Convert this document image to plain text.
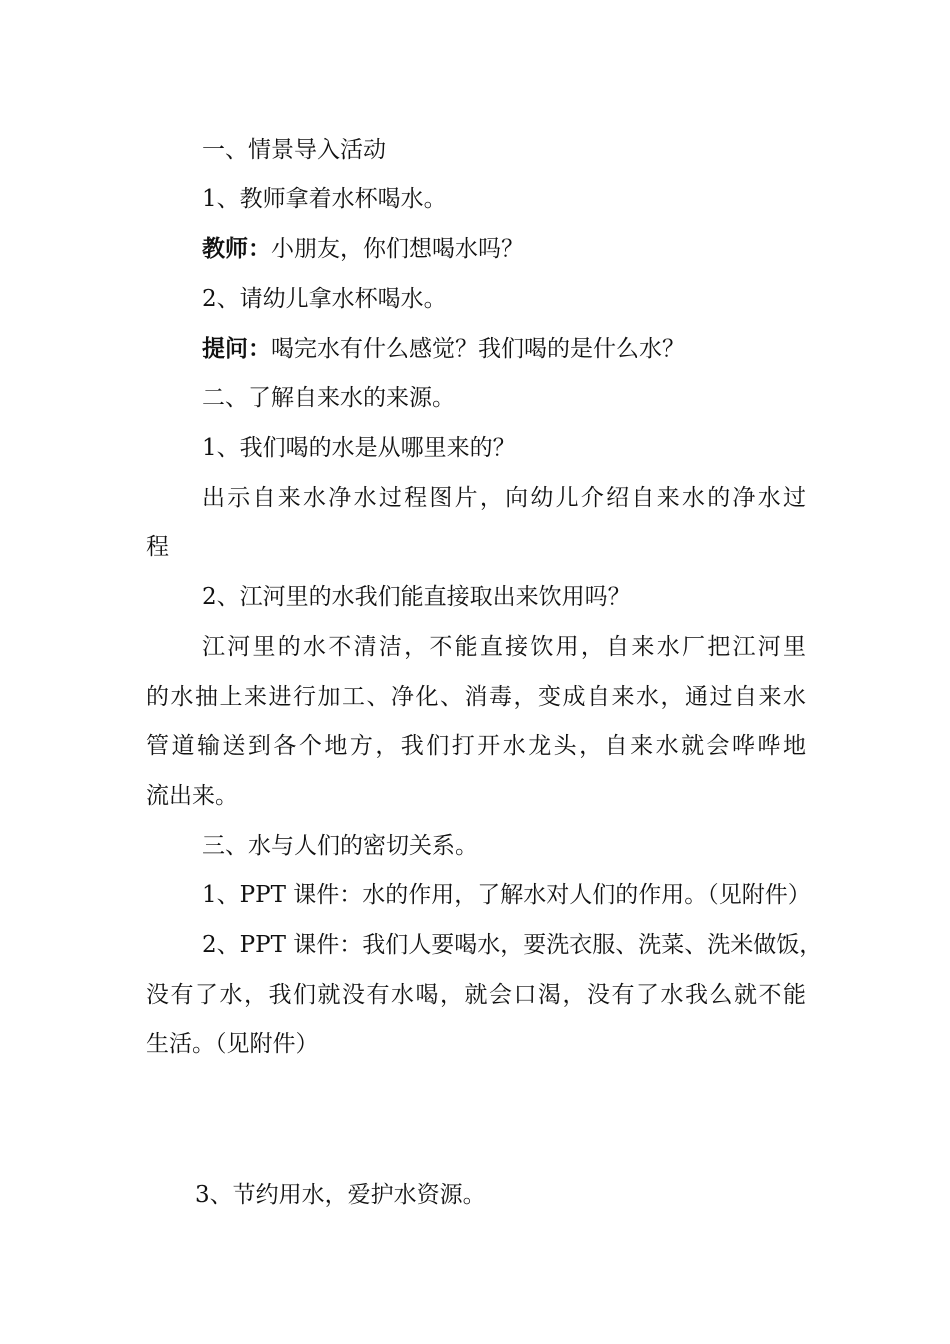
一、情景导入活动
1、教师拿着水杯喝水。
教师：小朋友，你们想喝水吗？
2、请幼儿拿水杯喝水。
提问：喝完水有什么感觉？我们喝的是什么水？
二、了解自来水的来源。
1、我们喝的水是从哪里来的？
出示自来水净水过程图片，向幼儿介绍自来水的净水过
程
2、江河里的水我们能直接取出来饮用吗？
江河里的水不清洁，不能直接饮用，自来水厂把江河里
的水抽上来进行加工、净化、消毒，变成自来水，通过自来水
管道输送到各个地方，我们打开水龙头，自来水就会哗哗地
流出来。
三、水与人们的密切关系。
1、PPT 课件：水的作用，了解水对人们的作用。（见附件）
2、PPT 课件：我们人要喝水，要洗衣服、洗菜、洗米做饭，
没有了水，我们就没有水喝，就会口渴，没有了水我么就不能
生活。（见附件）
3、节约用水，爱护水资源。
